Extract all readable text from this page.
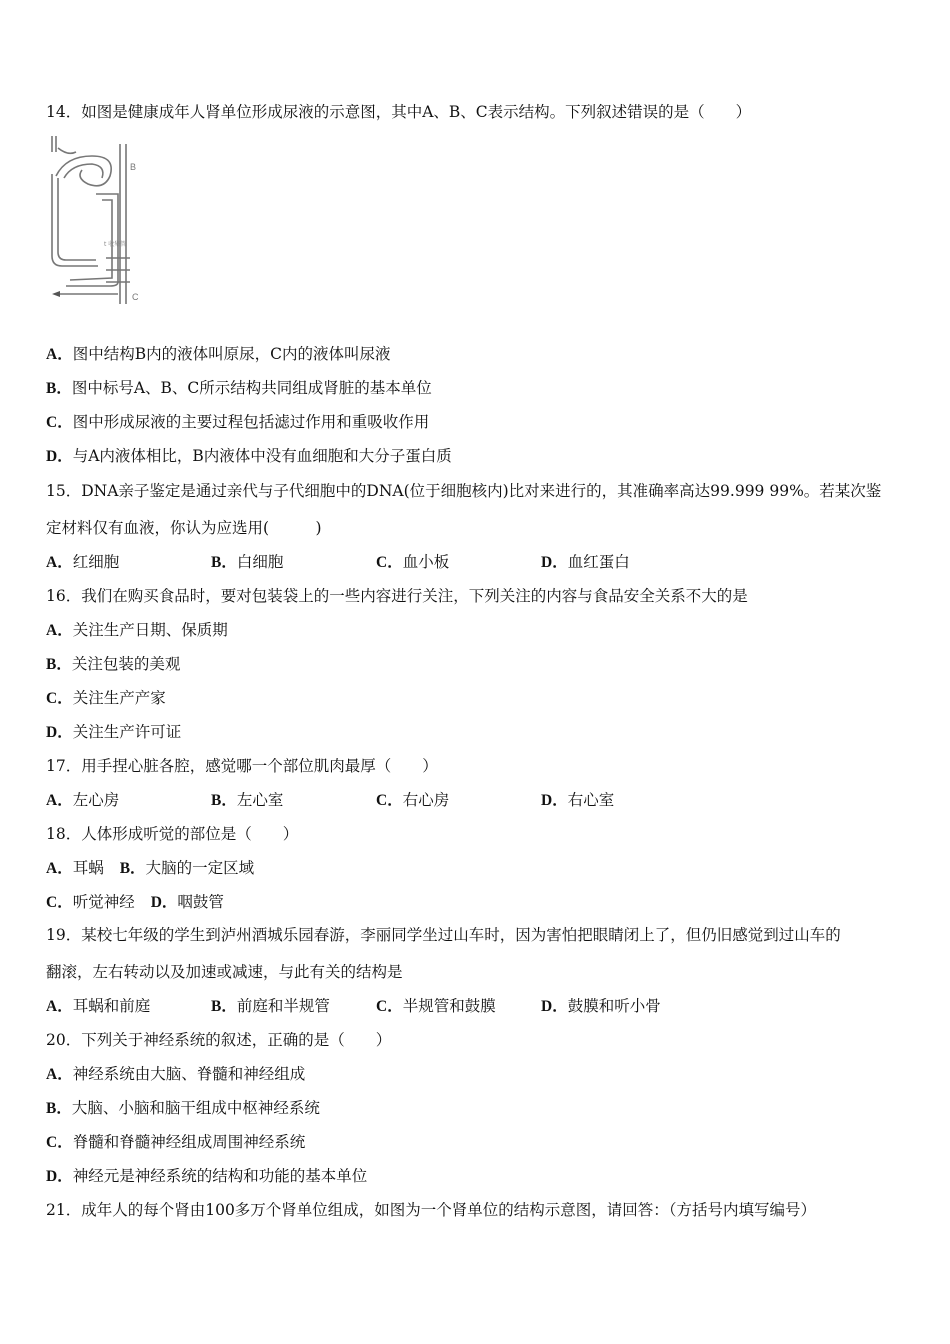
14．如图是健康成年人肾单位形成尿液的示意图，其中A、B、C表示结构。下列叙述错误的是（　　）
B
C
t 收集管
A．图中结构B内的液体叫原尿，C内的液体叫尿液
B．图中标号A、B、C所示结构共同组成肾脏的基本单位
C．图中形成尿液的主要过程包括滤过作用和重吸收作用
D．与A内液体相比，B内液体中没有血细胞和大分子蛋白质
15．DNA亲子鉴定是通过亲代与子代细胞中的DNA(位于细胞核内)比对来进行的，其准确率高达99.999 99%。若某次鉴
定材料仅有血液，你认为应选用(　　　)
A．红细胞	B．白细胞	C．血小板	D．血红蛋白
16．我们在购买食品时，要对包装袋上的一些内容进行关注，下列关注的内容与食品安全关系不大的是
A．关注生产日期、保质期
B．关注包装的美观
C．关注生产产家
D．关注生产许可证
17．用手捏心脏各腔，感觉哪一个部位肌肉最厚（　　）
A．左心房	B．左心室	C．右心房	D．右心室
18．人体形成听觉的部位是（　　）
A．耳蜗 B．大脑的一定区域
C．听觉神经 D．咽鼓管
19．某校七年级的学生到泸州酒城乐园春游，李丽同学坐过山车时，因为害怕把眼睛闭上了，但仍旧感觉到过山车的
翻滚，左右转动以及加速或减速，与此有关的结构是
A．耳蜗和前庭	B．前庭和半规管	C．半规管和鼓膜	D．鼓膜和听小骨
20．下列关于神经系统的叙述，正确的是（　　）
A．神经系统由大脑、脊髓和神经组成
B．大脑、小脑和脑干组成中枢神经系统
C．脊髓和脊髓神经组成周围神经系统
D．神经元是神经系统的结构和功能的基本单位
21．成年人的每个肾由100多万个肾单位组成，如图为一个肾单位的结构示意图，请回答：（方括号内填写编号）
